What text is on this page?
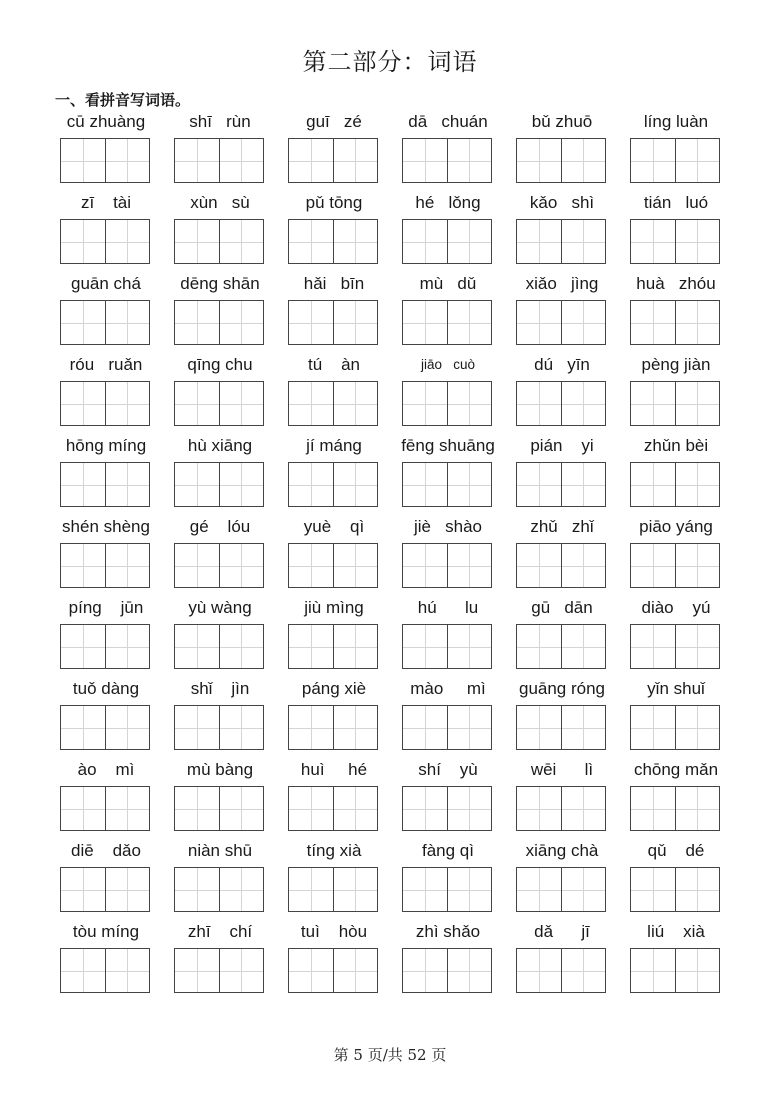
第二部分：词语
一、看拼音写词语。
cū zhuàng	shī   rùn	guī   zé	dā   chuán	bǔ zhuō	líng luàn
zī    tài	xùn   sù	pǔ tōng	hé   lǒng	kǎo   shì	tián   luó
guān chá	dēng shān	hǎi   bīn	mù   dǔ	xiǎo   jìng	huà   zhóu
róu   ruǎn	qīng chu	tú    àn	jiāo   cuò	dú   yīn	pèng jiàn
hōng míng	hù xiāng	jí máng	fēng shuāng	pián    yi	zhǔn bèi
shén shèng	gé    lóu	yuè    qì	jiè   shào	zhǔ   zhǐ	piāo yáng
píng    jūn	yù wàng	jiù mìng	hú      lu	gū   dān	diào    yú
tuǒ dàng	shǐ    jìn	páng xiè	mào     mì	guāng róng	yǐn shuǐ
ào    mì	mù bàng	huì     hé	shí    yù	wēi      lì	chōng mǎn
diē    dǎo	niàn shū	tíng xià	fàng qì	xiāng chà	qǔ    dé
tòu míng	zhī    chí	tuì    hòu	zhì shǎo	dǎ      jī	liú    xià
第 5 页/共 52 页
